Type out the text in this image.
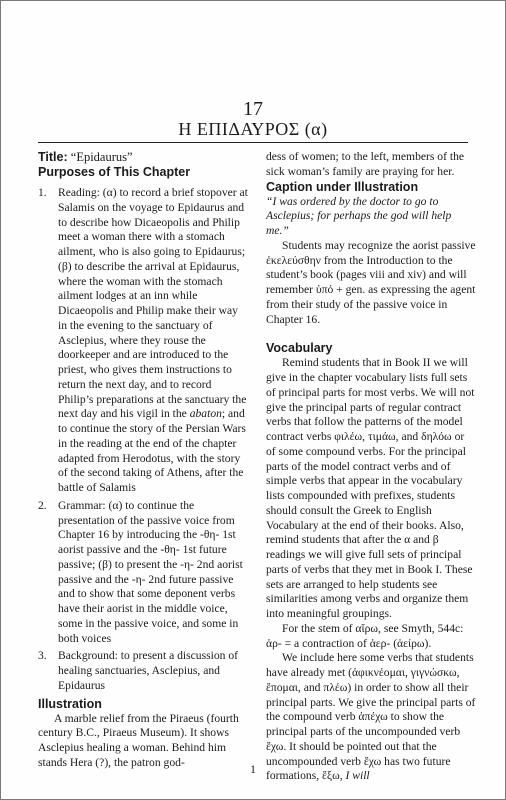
17
Η ΕΠΙΔΑΥΡΟΣ (α)

Title: “Epidaurus”

Purposes of This Chapter

1. Reading: (α) to record a brief stopover at Salamis on the voyage to Epidaurus and to describe how Dicaeopolis and Philip meet a woman there with a stomach ailment, who is also going to Epidaurus; (β) to describe the arrival at Epidaurus, where the woman with the stomach ailment lodges at an inn while Dicaeopolis and Philip make their way in the evening to the sanctuary of Asclepius, where they rouse the doorkeeper and are introduced to the priest, who gives them instructions to return the next day, and to record Philip’s preparations at the sanctuary the next day and his vigil in the abaton; and to continue the story of the Persian Wars in the reading at the end of the chapter adapted from Herodotus, with the story of the second taking of Athens, after the battle of Salamis
2. Grammar: (α) to continue the presentation of the passive voice from Chapter 16 by introducing the -θη- 1st aorist passive and the -θη- 1st future passive; (β) to present the -η- 2nd aorist passive and the -η- 2nd future passive and to show that some deponent verbs have their aorist in the middle voice, some in the passive voice, and some in both voices
3. Background: to present a discussion of healing sanctuaries, Asclepius, and Epidaurus

Illustration

A marble relief from the Piraeus (fourth century B.C., Piraeus Museum). It shows Asclepius healing a woman. Behind him stands Hera (?), the patron god-

dess of women; to the left, members of the sick woman’s family are praying for her.

Caption under Illustration

“I was ordered by the doctor to go to Asclepius; for perhaps the god will help me.”

Students may recognize the aorist passive ἐκελεύσθην from the Introduction to the student’s book (pages viii and xiv) and will remember ὑπό + gen. as expressing the agent from their study of the passive voice in Chapter 16.

Vocabulary

Remind students that in Book II we will give in the chapter vocabulary lists full sets of principal parts for most verbs. We will not give the principal parts of regular contract verbs that follow the patterns of the model contract verbs φιλέω, τιμάω, and δηλόω or of some compound verbs. For the principal parts of the model contract verbs and of simple verbs that appear in the vocabulary lists compounded with prefixes, students should consult the Greek to English Vocabulary at the end of their books. Also, remind students that after the α and β readings we will give full sets of principal parts of verbs that they met in Book I. These sets are arranged to help students see similarities among verbs and organize them into meaningful groupings.

For the stem of αἴρω, see Smyth, 544c: ἀρ- = a contraction of ἀερ- (ἀείρω).

We include here some verbs that students have already met (ἀφικνέομαι, γιγνώσκω, ἕπομαι, and πλέω) in order to show all their principal parts. We give the principal parts of the compound verb ἀπέχω to show the principal parts of the uncompounded verb ἔχω. It should be pointed out that the uncompounded verb ἔχω has two future formations, ἕξω, I will

1
